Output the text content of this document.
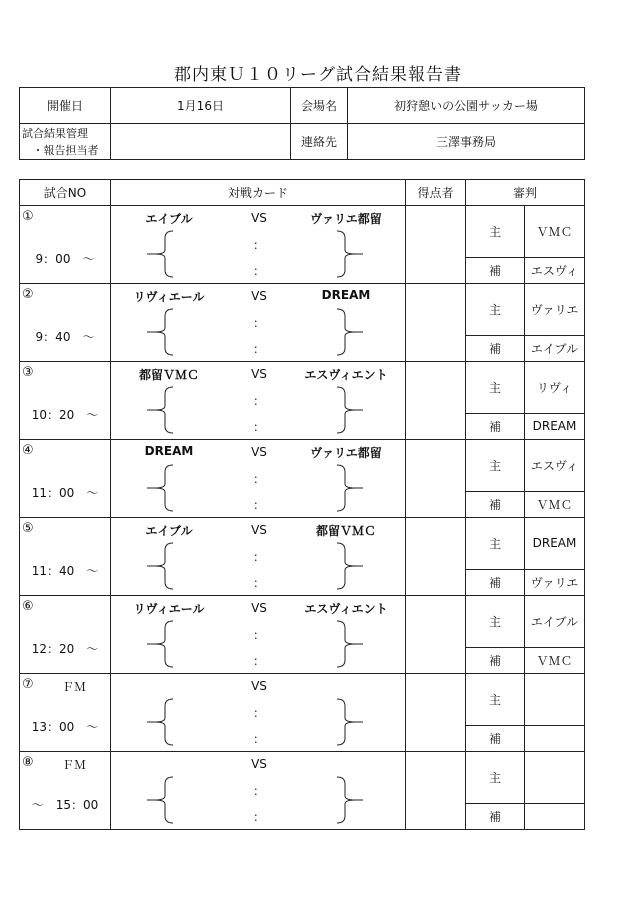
郡内東Ｕ１０リーグ試合結果報告書
開催日	1月16日	会場名	初狩憩いの公園サッカー場
試合結果管理
・報告担当者		連絡先	三澤事務局
試合NO	対戦カード	得点者	審判	

①
9：00　～	エイブル VS ヴァリエ都留
：
：		主	ＶＭＣ
			補	エスヴィ

②
9：40　～	リヴィエール VS DREAM
：
：		主	ヴァリエ
			補	エイブル

③
10：20　～	都留ＶＭＣ VS エスヴィエント
：
：		主	リヴィ
			補	DREAM

④
11：00　～	DREAM VS ヴァリエ都留
：
：		主	エスヴィ
			補	ＶＭＣ

⑤
11：40　～	エイブル VS 都留ＶＭＣ
：
：		主	DREAM
			補	ヴァリエ

⑥
12：20　～	リヴィエール VS エスヴィエント
：
：		主	エイブル
			補	ＶＭＣ

⑦ ＦＭ
13：00　～	VS
：
：		主	
			補	

⑧ ＦＭ
～　15：00	VS
：
：		主	
			補	
